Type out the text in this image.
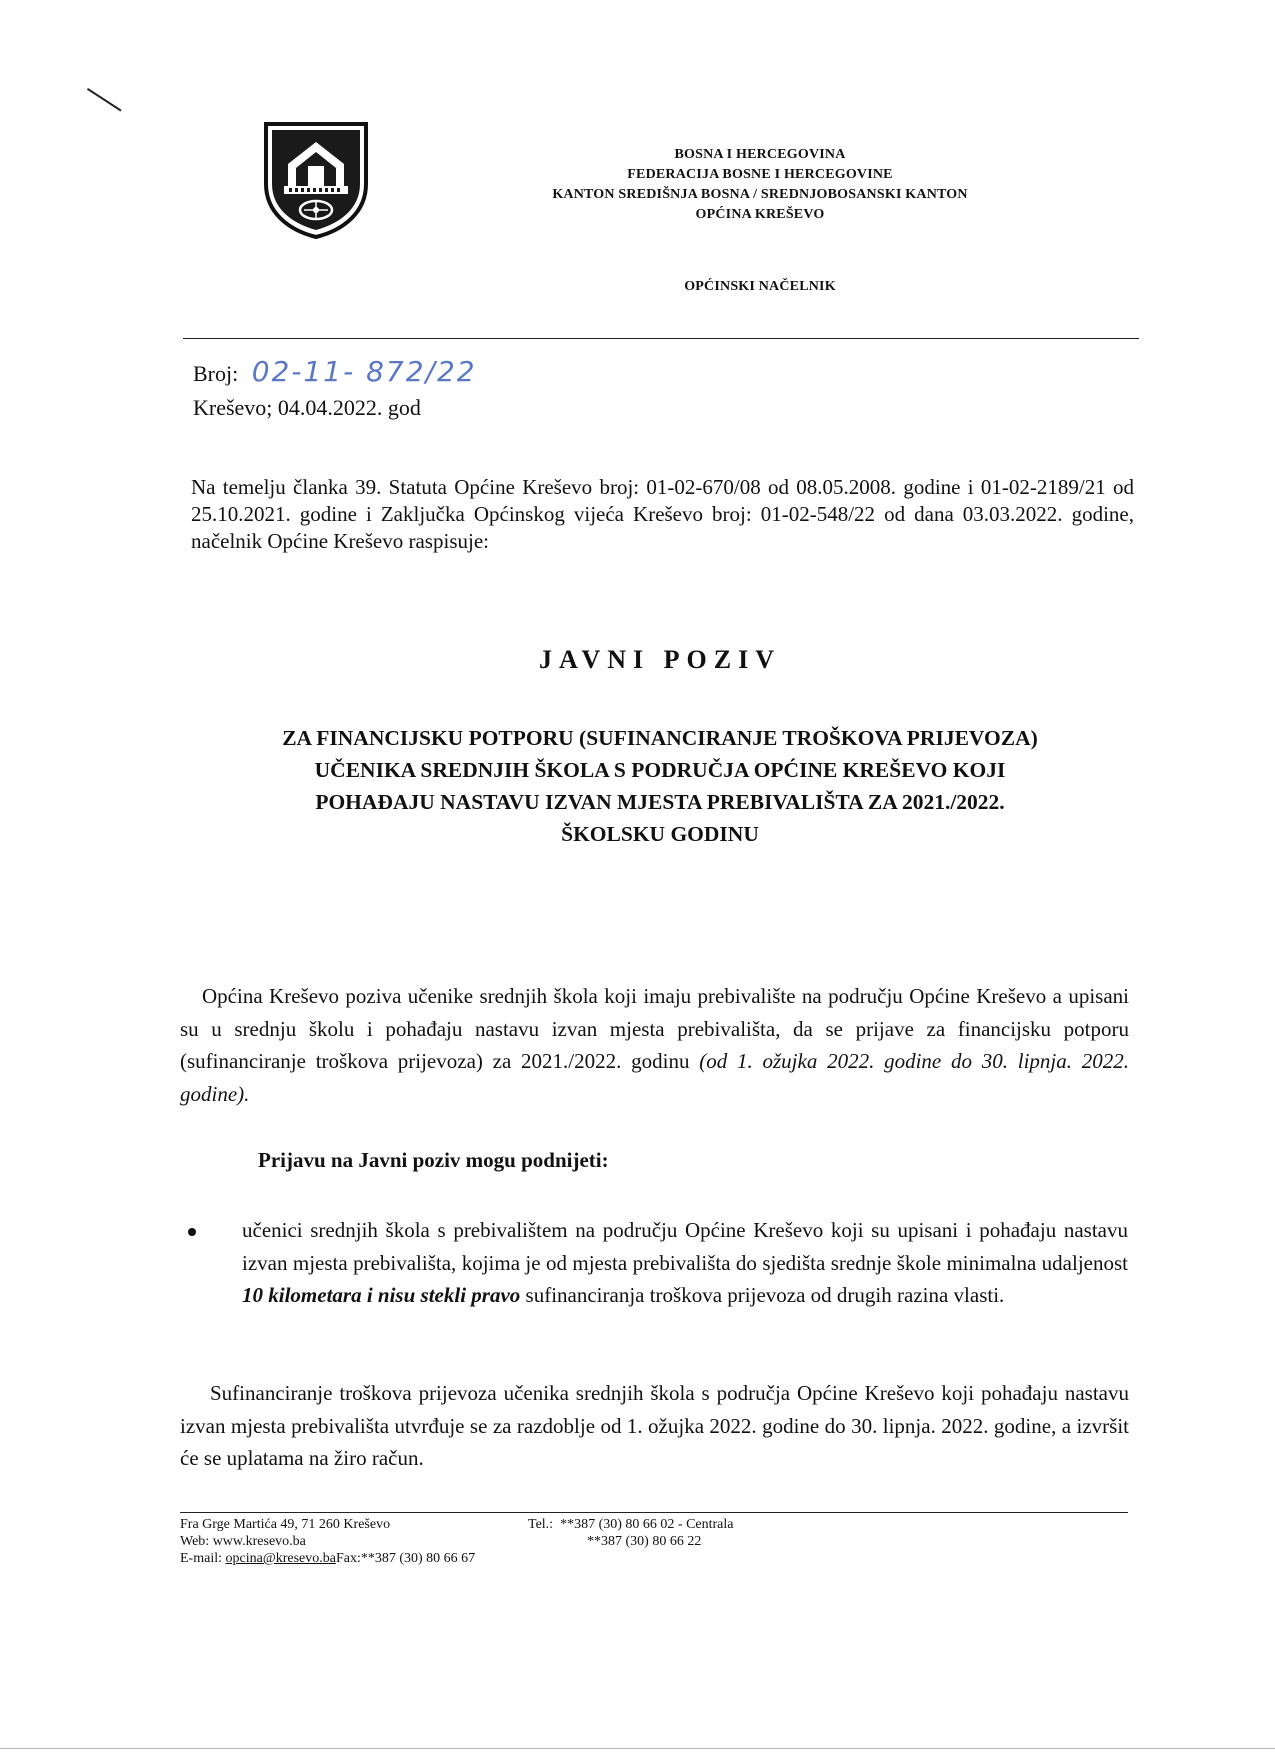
BOSNA I HERCEGOVINA
FEDERACIJA BOSNE I HERCEGOVINE
KANTON SREDIŠNJA BOSNA / SREDNJOBOSANSKI KANTON
OPĆINA KREŠEVO
OPĆINSKI NAČELNIK
Broj: 02-11- 872/22
Kreševo; 04.04.2022. god
Na temelju članka 39. Statuta Općine Kreševo broj: 01-02-670/08 od 08.05.2008. godine i 01-02-2189/21 od 25.10.2021. godine i Zaključka Općinskog vijeća Kreševo broj: 01-02-548/22 od dana 03.03.2022. godine, načelnik Općine Kreševo raspisuje:
JAVNI POZIV
ZA FINANCIJSKU POTPORU (SUFINANCIRANJE TROŠKOVA PRIJEVOZA)
UČENIKA SREDNJIH ŠKOLA S PODRUČJA OPĆINE KREŠEVO KOJI
POHAĐAJU NASTAVU IZVAN MJESTA PREBIVALIŠTA ZA 2021./2022.
ŠKOLSKU GODINU
Općina Kreševo poziva učenike srednjih škola koji imaju prebivalište na području Općine Kreševo a upisani su u srednju školu i pohađaju nastavu izvan mjesta prebivališta, da se prijave za financijsku potporu (sufinanciranje troškova prijevoza) za 2021./2022. godinu (od 1. ožujka 2022. godine do 30. lipnja. 2022. godine).
Prijavu na Javni poziv mogu podnijeti:
učenici srednjih škola s prebivalištem na području Općine Kreševo koji su upisani i pohađaju nastavu izvan mjesta prebivališta, kojima je od mjesta prebivališta do sjedišta srednje škole minimalna udaljenost 10 kilometara i nisu stekli pravo sufinanciranja troškova prijevoza od drugih razina vlasti.
Sufinanciranje troškova prijevoza učenika srednjih škola s područja Općine Kreševo koji pohađaju nastavu izvan mjesta prebivališta utvrđuje se za razdoblje od 1. ožujka 2022. godine do 30. lipnja. 2022. godine, a izvršit će se uplatama na žiro račun.
Fra Grge Martića 49, 71 260 Kreševo
Web: www.kresevo.ba
E-mail: opcina@kresevo.baFax:**387 (30) 80 66 67
Tel.: **387 (30) 80 66 02 - Centrala
**387 (30) 80 66 22
